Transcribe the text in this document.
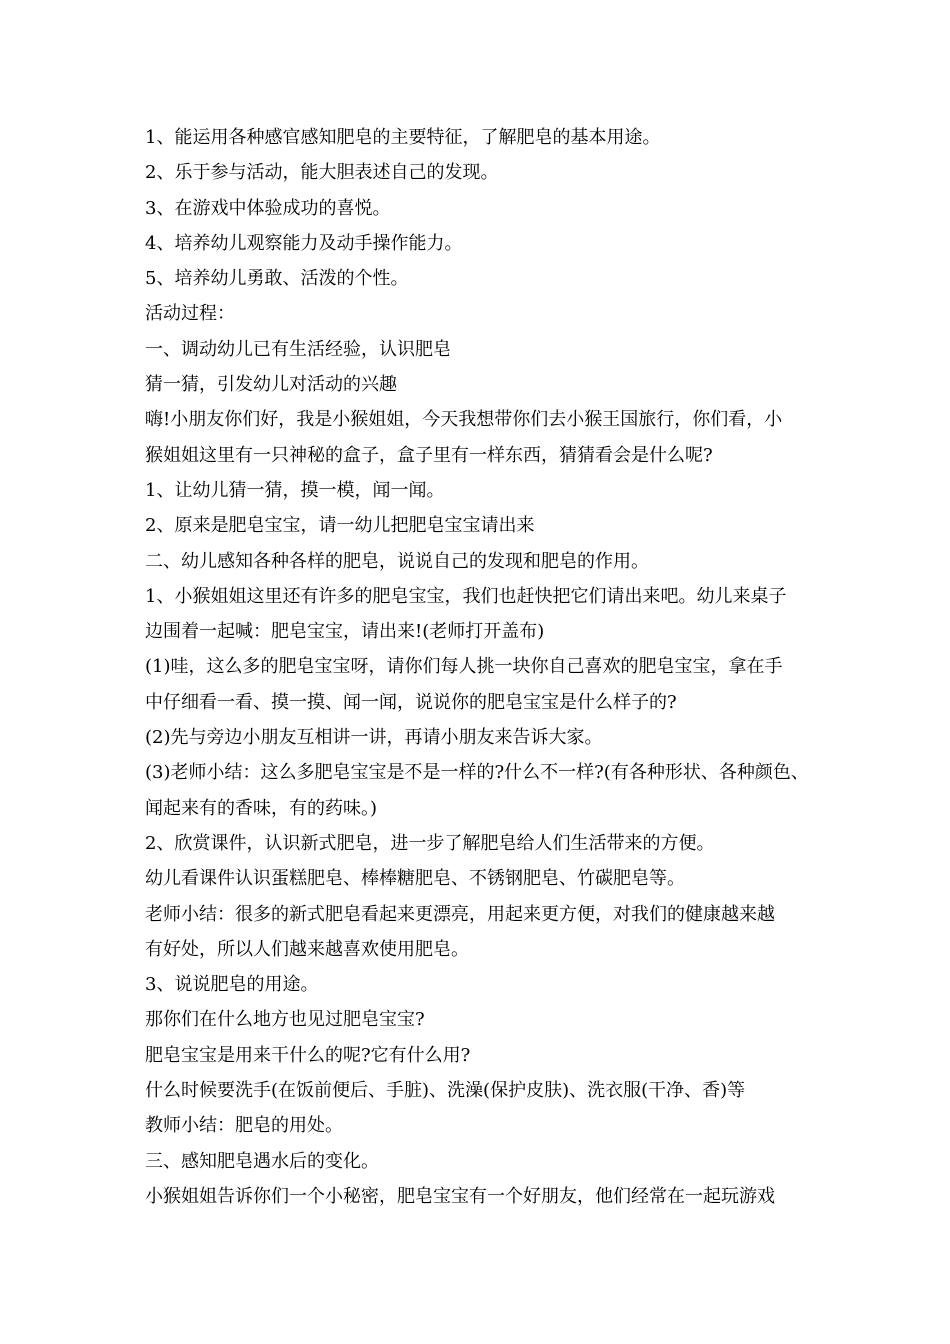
1、能运用各种感官感知肥皂的主要特征，了解肥皂的基本用途。
2、乐于参与活动，能大胆表述自己的发现。
3、在游戏中体验成功的喜悦。
4、培养幼儿观察能力及动手操作能力。
5、培养幼儿勇敢、活泼的个性。
活动过程：
一、调动幼儿已有生活经验，认识肥皂
猜一猜，引发幼儿对活动的兴趣
嗨!小朋友你们好，我是小猴姐姐，今天我想带你们去小猴王国旅行，你们看，小
猴姐姐这里有一只神秘的盒子，盒子里有一样东西，猜猜看会是什么呢?
1、让幼儿猜一猜，摸一模，闻一闻。
2、原来是肥皂宝宝，请一幼儿把肥皂宝宝请出来
二、幼儿感知各种各样的肥皂，说说自己的发现和肥皂的作用。
1、小猴姐姐这里还有许多的肥皂宝宝，我们也赶快把它们请出来吧。幼儿来桌子
边围着一起喊：肥皂宝宝，请出来!(老师打开盖布)
(1)哇，这么多的肥皂宝宝呀，请你们每人挑一块你自己喜欢的肥皂宝宝，拿在手
中仔细看一看、摸一摸、闻一闻，说说你的肥皂宝宝是什么样子的?
(2)先与旁边小朋友互相讲一讲，再请小朋友来告诉大家。
(3)老师小结：这么多肥皂宝宝是不是一样的?什么不一样?(有各种形状、各种颜色、
闻起来有的香味，有的药味。)
2、欣赏课件，认识新式肥皂，进一步了解肥皂给人们生活带来的方便。
幼儿看课件认识蛋糕肥皂、棒棒糖肥皂、不锈钢肥皂、竹碳肥皂等。
老师小结：很多的新式肥皂看起来更漂亮，用起来更方便，对我们的健康越来越
有好处，所以人们越来越喜欢使用肥皂。
3、说说肥皂的用途。
那你们在什么地方也见过肥皂宝宝?
肥皂宝宝是用来干什么的呢?它有什么用?
什么时候要洗手(在饭前便后、手脏)、洗澡(保护皮肤)、洗衣服(干净、香)等
教师小结：肥皂的用处。
三、感知肥皂遇水后的变化。
小猴姐姐告诉你们一个小秘密，肥皂宝宝有一个好朋友，他们经常在一起玩游戏
